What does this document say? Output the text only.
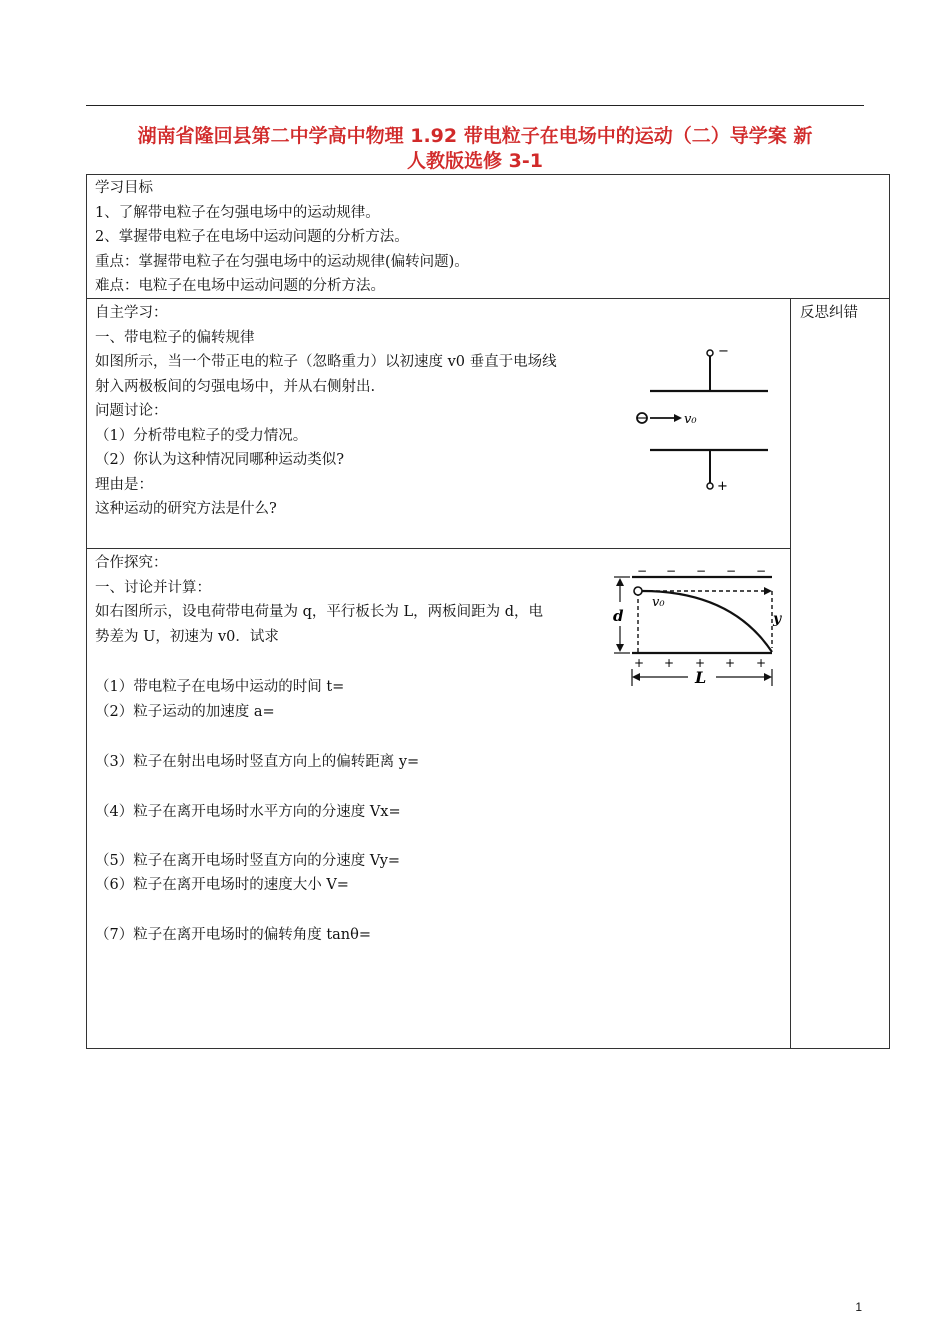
湖南省隆回县第二中学高中物理 1.92 带电粒子在电场中的运动（二）导学案 新
人教版选修 3-1
学习目标
1、了解带电粒子在匀强电场中的运动规律。
2、掌握带电粒子在电场中运动问题的分析方法。
重点：掌握带电粒子在匀强电场中的运动规律(偏转问题)。
难点：电粒子在电场中运动问题的分析方法。
反思纠错
自主学习：
一、带电粒子的偏转规律
如图所示，当一个带正电的粒子（忽略重力）以初速度 v0 垂直于电场线
射入两极板间的匀强电场中，并从右侧射出.
问题讨论：
（1）分析带电粒子的受力情况。
（2）你认为这种情况同哪种运动类似?
理由是：
这种运动的研究方法是什么?
−
v₀
+
合作探究：
一、讨论并计算：
如右图所示，设电荷带电荷量为 q，平行板长为 L，两板间距为 d，电
势差为 U，初速为 v0．试求
（1）带电粒子在电场中运动的时间 t=
（2）粒子运动的加速度 a=
（3）粒子在射出电场时竖直方向上的偏转距离 y=
（4）粒子在离开电场时水平方向的分速度 Vx=
（5）粒子在离开电场时竖直方向的分速度 Vy=
（6）粒子在离开电场时的速度大小 V=
（7）粒子在离开电场时的偏转角度 tanθ=
− − − − −
d
v₀
y
+ + + + +
L
1
